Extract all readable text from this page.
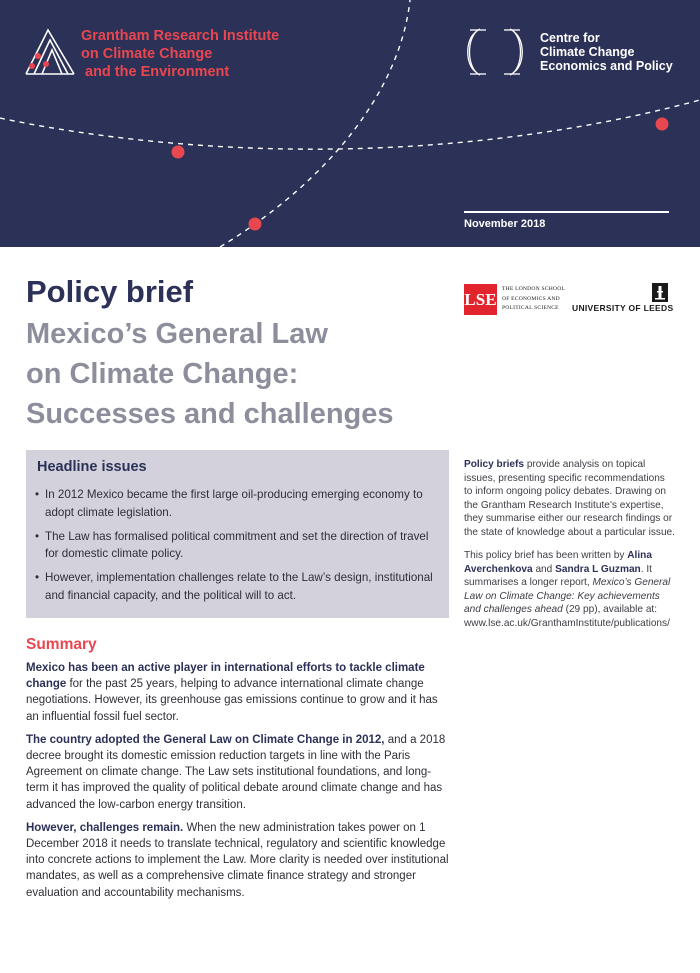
Grantham Research Institute
on Climate Change
and the Environment
Centre for
Climate Change
Economics and Policy
November 2018
Policy brief
Mexico’s General Law
on Climate Change:
Successes and challenges
LSE
THE LONDON SCHOOL
OF ECONOMICS AND
POLITICAL SCIENCE	UNIVERSITY OF LEEDS
Headline issues
• In 2012 Mexico became the first large oil-producing emerging economy to adopt climate legislation.
• The Law has formalised political commitment and set the direction of travel for domestic climate policy.
• However, implementation challenges relate to the Law’s design, institutional and financial capacity, and the political will to act.

Policy briefs provide analysis on topical issues, presenting specific recommendations to inform ongoing policy debates. Drawing on the Grantham Research Institute’s expertise, they summarise either our research findings or the state of knowledge about a particular issue.

This policy brief has been written by Alina Averchenkova and Sandra L Guzman. It summarises a longer report, Mexico’s General Law on Climate Change: Key achievements and challenges ahead (29 pp), available at: www.lse.ac.uk/GranthamInstitute/publications/

Summary

Mexico has been an active player in international efforts to tackle climate change for the past 25 years, helping to advance international climate change negotiations. However, its greenhouse gas emissions continue to grow and it has an influential fossil fuel sector.

The country adopted the General Law on Climate Change in 2012, and a 2018 decree brought its domestic emission reduction targets in line with the Paris Agreement on climate change. The Law sets institutional foundations, and long-term it has improved the quality of political debate around climate change and has advanced the low-carbon energy transition.

However, challenges remain. When the new administration takes power on 1 December 2018 it needs to translate technical, regulatory and scientific knowledge into concrete actions to implement the Law. More clarity is needed over institutional mandates, as well as a comprehensive climate finance strategy and stronger evaluation and accountability mechanisms.
